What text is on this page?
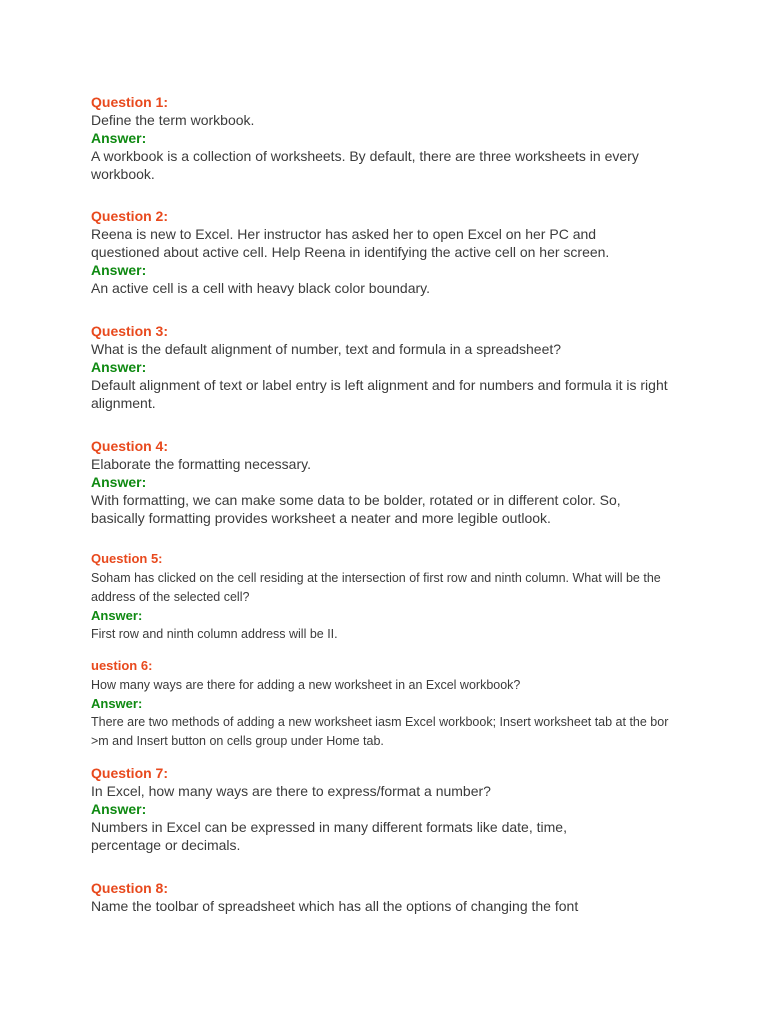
Question 1:
Define the term workbook.
Answer:
A workbook is a collection of worksheets. By default, there are three worksheets in every workbook.
Question 2:
Reena is new to Excel. Her instructor has asked her to open Excel on her PC and questioned about active cell. Help Reena in identifying the active cell on her screen.
Answer:
An active cell is a cell with heavy black color boundary.
Question 3:
What is the default alignment of number, text and formula in a spreadsheet?
Answer:
Default alignment of text or label entry is left alignment and for numbers and formula it is right alignment.
Question 4:
Elaborate the formatting necessary.
Answer:
With formatting, we can make some data to be bolder, rotated or in different color. So, basically formatting provides worksheet a neater and more legible outlook.
Question 5:
Soham has clicked on the cell residing at the intersection of first row and ninth column. What will be the address of the selected cell?
Answer:
First row and ninth column address will be II.
uestion 6:
How many ways are there for adding a new worksheet in an Excel workbook?
Answer:
There are two methods of adding a new worksheet iasm Excel workbook; Insert worksheet tab at the bor >m and Insert button on cells group under Home tab.
Question 7:
In Excel, how many ways are there to express/format a number?
Answer:
Numbers in Excel can be expressed in many different formats like date, time, percentage or decimals.
Question 8:
Name the toolbar of spreadsheet which has all the options of changing the font
